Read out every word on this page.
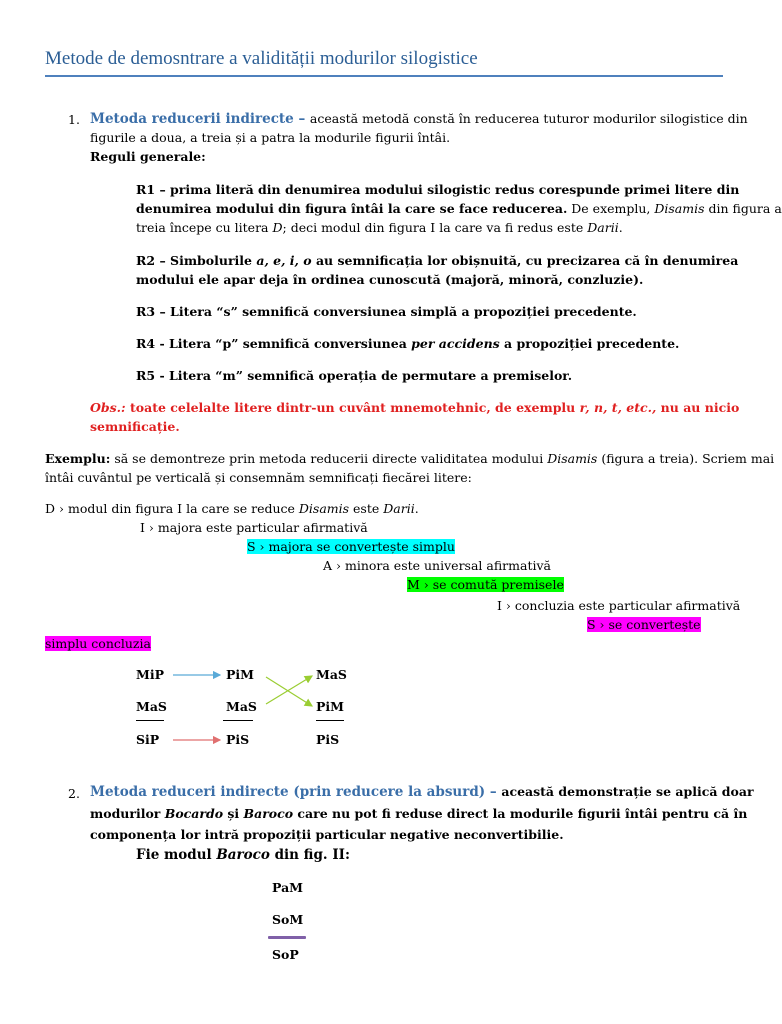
Metode de demosntrare a validității modurilor silogistice
1. Metoda reducerii indirecte – această metodă constă în reducerea tuturor modurilor silogistice din
figurile a doua, a treia și a patra la modurile figurii întâi.
Reguli generale:
R1 – prima literă din denumirea modului silogistic redus corespunde primei litere din
denumirea modului din figura întâi la care se face reducerea. De exemplu, Disamis din figura a
treia începe cu litera D; deci modul din figura I la care va fi redus este Darii.
R2 – Simbolurile a, e, i, o au semnificația lor obișnuită, cu precizarea că în denumirea
modului ele apar deja în ordinea cunoscută (majoră, minoră, conzluzie).
R3 – Litera “s” semnifică conversiunea simplă a propoziției precedente.
R4 - Litera “p” semnifică conversiunea per accidens a propoziției precedente.
R5 - Litera “m” semnifică operația de permutare a premiselor.
Obs.: toate celelalte litere dintr-un cuvânt mnemotehnic, de exemplu r, n, t, etc., nu au nicio
semnificație.
Exemplu: să se demontreze prin metoda reducerii directe validitatea modului Disamis (figura a treia). Scriem mai
întâi cuvântul pe verticală și consemnăm semnificați fiecărei litere:
D › modul din figura I la care se reduce Disamis este Darii.
I › majora este particular afirmativă
S › majora se convertește simplu
A › minora este universal afirmativă
M › se comută premisele
I › concluzia este particular afirmativă
S › se convertește
simplu concluzia
MiP
MaS
SiP
PiM
MaS
PiS
MaS
PiM
PiS
2. Metoda reduceri indirecte (prin reducere la absurd) – această demonstrație se aplică doar
modurilor Bocardo și Baroco care nu pot fi reduse direct la modurile figurii întâi pentru că în
componența lor intră propoziții particular negative neconvertibilie.
Fie modul Baroco din fig. II:
PaM
SoM
SoP
